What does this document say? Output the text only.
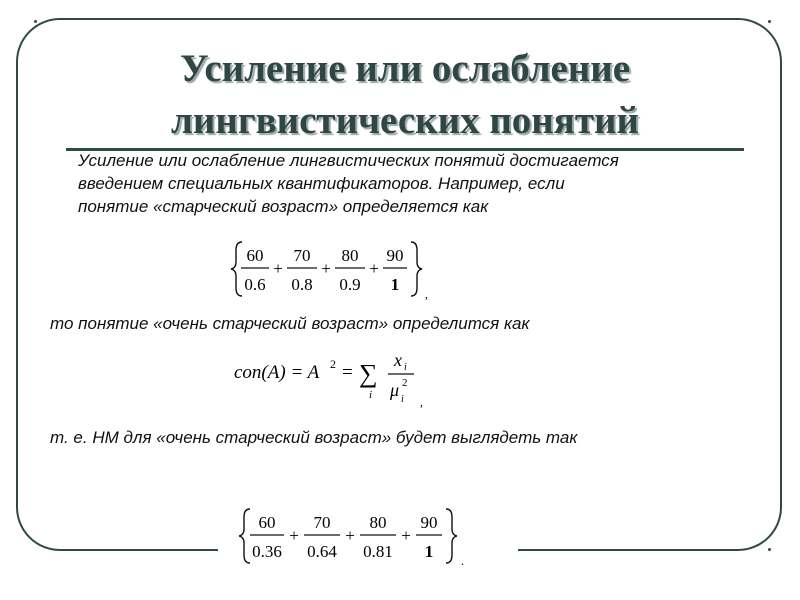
Усиление или ослабление
лингвистических понятий
Усиление или ослабление лингвистических понятий достигается
введением специальных квантификаторов. Например, если
понятие «старческий возраст» определяется как
60
0.6
+
70
0.8
+
80
0.9
+
90
1 ,
то понятие «очень старческий возраст» определится как
con(A) = A 2 = ∑
i
x i
μ 2
i ,
т. е. НМ для «очень старческий возраст» будет выглядеть так
60
0.36
+
70
0.64
+
80
0.81
+
90
1 .
